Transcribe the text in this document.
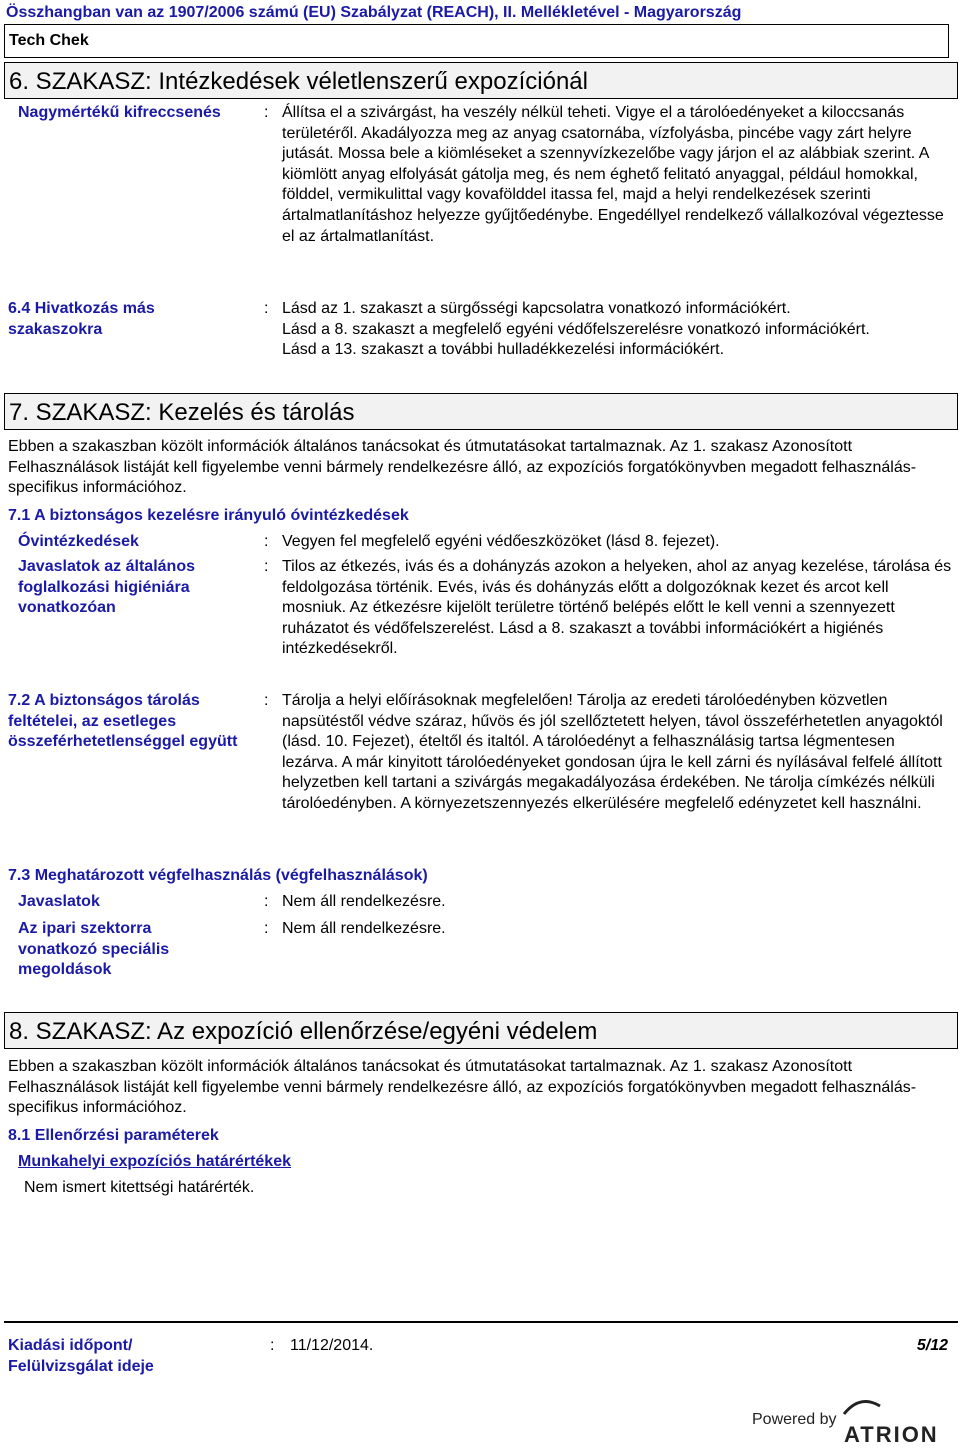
Összhangban van az 1907/2006 számú (EU) Szabályzat (REACH), II. Mellékletével - Magyarország
Tech Chek
6. SZAKASZ: Intézkedések véletlenszerű expozíciónál
Nagymértékű kifreccsenés	: Állítsa el a szivárgást, ha veszély nélkül teheti. Vigye el a tárolóedényeket a kiloccsanás területéről. Akadályozza meg az anyag csatornába, vízfolyásba, pincébe vagy zárt helyre jutását. Mossa bele a kiömléseket a szennyvízkezelőbe vagy járjon el az alábbiak szerint. A kiömlött anyag elfolyását gátolja meg, és nem éghető felitató anyaggal, például homokkal, földdel, vermikulittal vagy kovafölddel itassa fel, majd a helyi rendelkezések szerinti ártalmatlanításhoz helyezze gyűjtőedénybe. Engedéllyel rendelkező vállalkozóval végeztesse el az ártalmatlanítást.
6.4 Hivatkozás más szakaszokra
: Lásd az 1. szakaszt a sürgősségi kapcsolatra vonatkozó információkért.
Lásd a 8. szakaszt a megfelelő egyéni védőfelszerelésre vonatkozó információkért.
Lásd a 13. szakaszt a további hulladékkezelési információkért.
7. SZAKASZ: Kezelés és tárolás
Ebben a szakaszban közölt információk általános tanácsokat és útmutatásokat tartalmaznak. Az 1. szakasz Azonosított Felhasználások listáját kell figyelembe venni bármely rendelkezésre álló, az expozíciós forgatókönyvben megadott felhasználás-specifikus információhoz.
7.1 A biztonságos kezelésre irányuló óvintézkedések
Óvintézkedések	: Vegyen fel megfelelő egyéni védőeszközöket (lásd 8. fejezet).
Javaslatok az általános foglalkozási higiéniára vonatkozóan
: Tilos az étkezés, ivás és a dohányzás azokon a helyeken, ahol az anyag kezelése, tárolása és feldolgozása történik. Evés, ivás és dohányzás előtt a dolgozóknak kezet és arcot kell mosniuk. Az étkezésre kijelölt területre történő belépés előtt le kell venni a szennyezett ruházatot és védőfelszerelést. Lásd a 8. szakaszt a további információkért a higiénés intézkedésekről.
7.2 A biztonságos tárolás feltételei, az esetleges összeférhetetlenséggel együtt
: Tárolja a helyi előírásoknak megfelelően! Tárolja az eredeti tárolóedényben közvetlen napsütéstől védve száraz, hűvös és jól szellőztetett helyen, távol összeférhetetlen anyagoktól (lásd. 10. Fejezet), ételtől és italtól. A tárolóedényt a felhasználásig tartsa légmentesen lezárva. A már kinyitott tárolóedényeket gondosan újra le kell zárni és nyílásával felfelé állított helyzetben kell tartani a szivárgás megakadályozása érdekében. Ne tárolja címkézés nélküli tárolóedényben. A környezetszennyezés elkerülésére megfelelő edényzetet kell használni.
7.3 Meghatározott végfelhasználás (végfelhasználások)
Javaslatok	: Nem áll rendelkezésre.
Az ipari szektorra vonatkozó speciális megoldások
: Nem áll rendelkezésre.
8. SZAKASZ: Az expozíció ellenőrzése/egyéni védelem
Ebben a szakaszban közölt információk általános tanácsokat és útmutatásokat tartalmaznak. Az 1. szakasz Azonosított Felhasználások listáját kell figyelembe venni bármely rendelkezésre álló, az expozíciós forgatókönyvben megadott felhasználás-specifikus információhoz.
8.1 Ellenőrzési paraméterek
Munkahelyi expozíciós határértékek
Nem ismert kitettségi határérték.
Kiadási időpont/ Felülvizsgálat ideje
: 11/12/2014.	5/12
Powered by
ATRION
